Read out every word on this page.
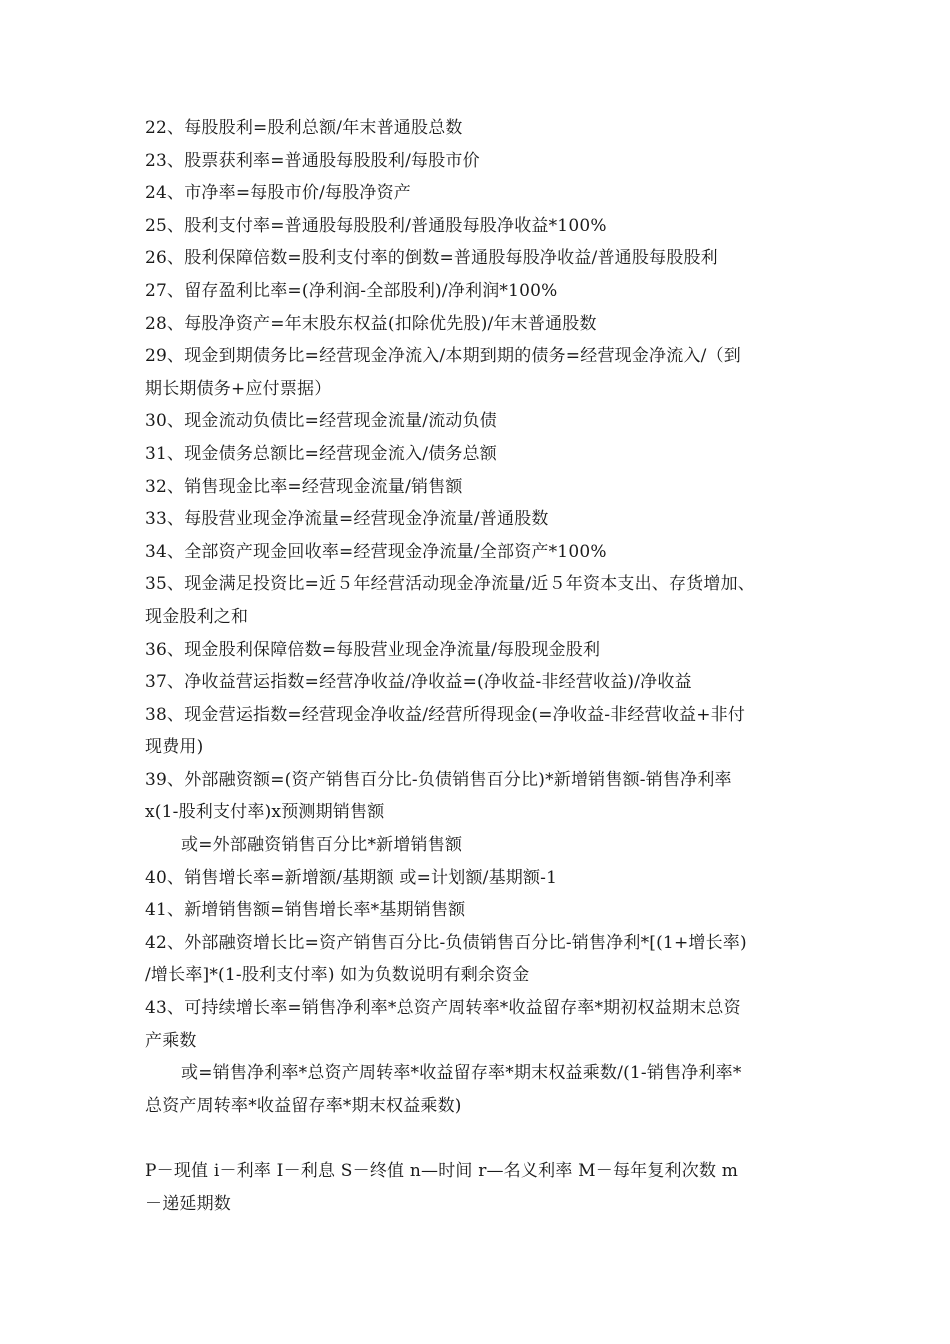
22、每股股利=股利总额/年末普通股总数
23、股票获利率=普通股每股股利/每股市价
24、市净率=每股市价/每股净资产
25、股利支付率=普通股每股股利/普通股每股净收益*100%
26、股利保障倍数=股利支付率的倒数=普通股每股净收益/普通股每股股利
27、留存盈利比率=(净利润-全部股利)/净利润*100%
28、每股净资产=年末股东权益(扣除优先股)/年末普通股数
29、现金到期债务比=经营现金净流入/本期到期的债务=经营现金净流入/（到
期长期债务+应付票据）
30、现金流动负债比=经营现金流量/流动负债
31、现金债务总额比=经营现金流入/债务总额
32、销售现金比率=经营现金流量/销售额
33、每股营业现金净流量=经营现金净流量/普通股数
34、全部资产现金回收率=经营现金净流量/全部资产*100%
35、现金满足投资比=近５年经营活动现金净流量/近５年资本支出、存货增加、
现金股利之和
36、现金股利保障倍数=每股营业现金净流量/每股现金股利
37、净收益营运指数=经营净收益/净收益=(净收益-非经营收益)/净收益
38、现金营运指数=经营现金净收益/经营所得现金(=净收益-非经营收益+非付
现费用)
39、外部融资额=(资产销售百分比-负债销售百分比)*新增销售额-销售净利率
x(1-股利支付率)x预测期销售额
或=外部融资销售百分比*新增销售额
40、销售增长率=新增额/基期额 或=计划额/基期额-1
41、新增销售额=销售增长率*基期销售额
42、外部融资增长比=资产销售百分比-负债销售百分比-销售净利*[(1+增长率)
/增长率]*(1-股利支付率) 如为负数说明有剩余资金
43、可持续增长率=销售净利率*总资产周转率*收益留存率*期初权益期末总资
产乘数
或=销售净利率*总资产周转率*收益留存率*期末权益乘数/(1-销售净利率*
总资产周转率*收益留存率*期末权益乘数)
P－现值 i－利率 I－利息 S－终值 n—时间 r—名义利率 M－每年复利次数 m
－递延期数
